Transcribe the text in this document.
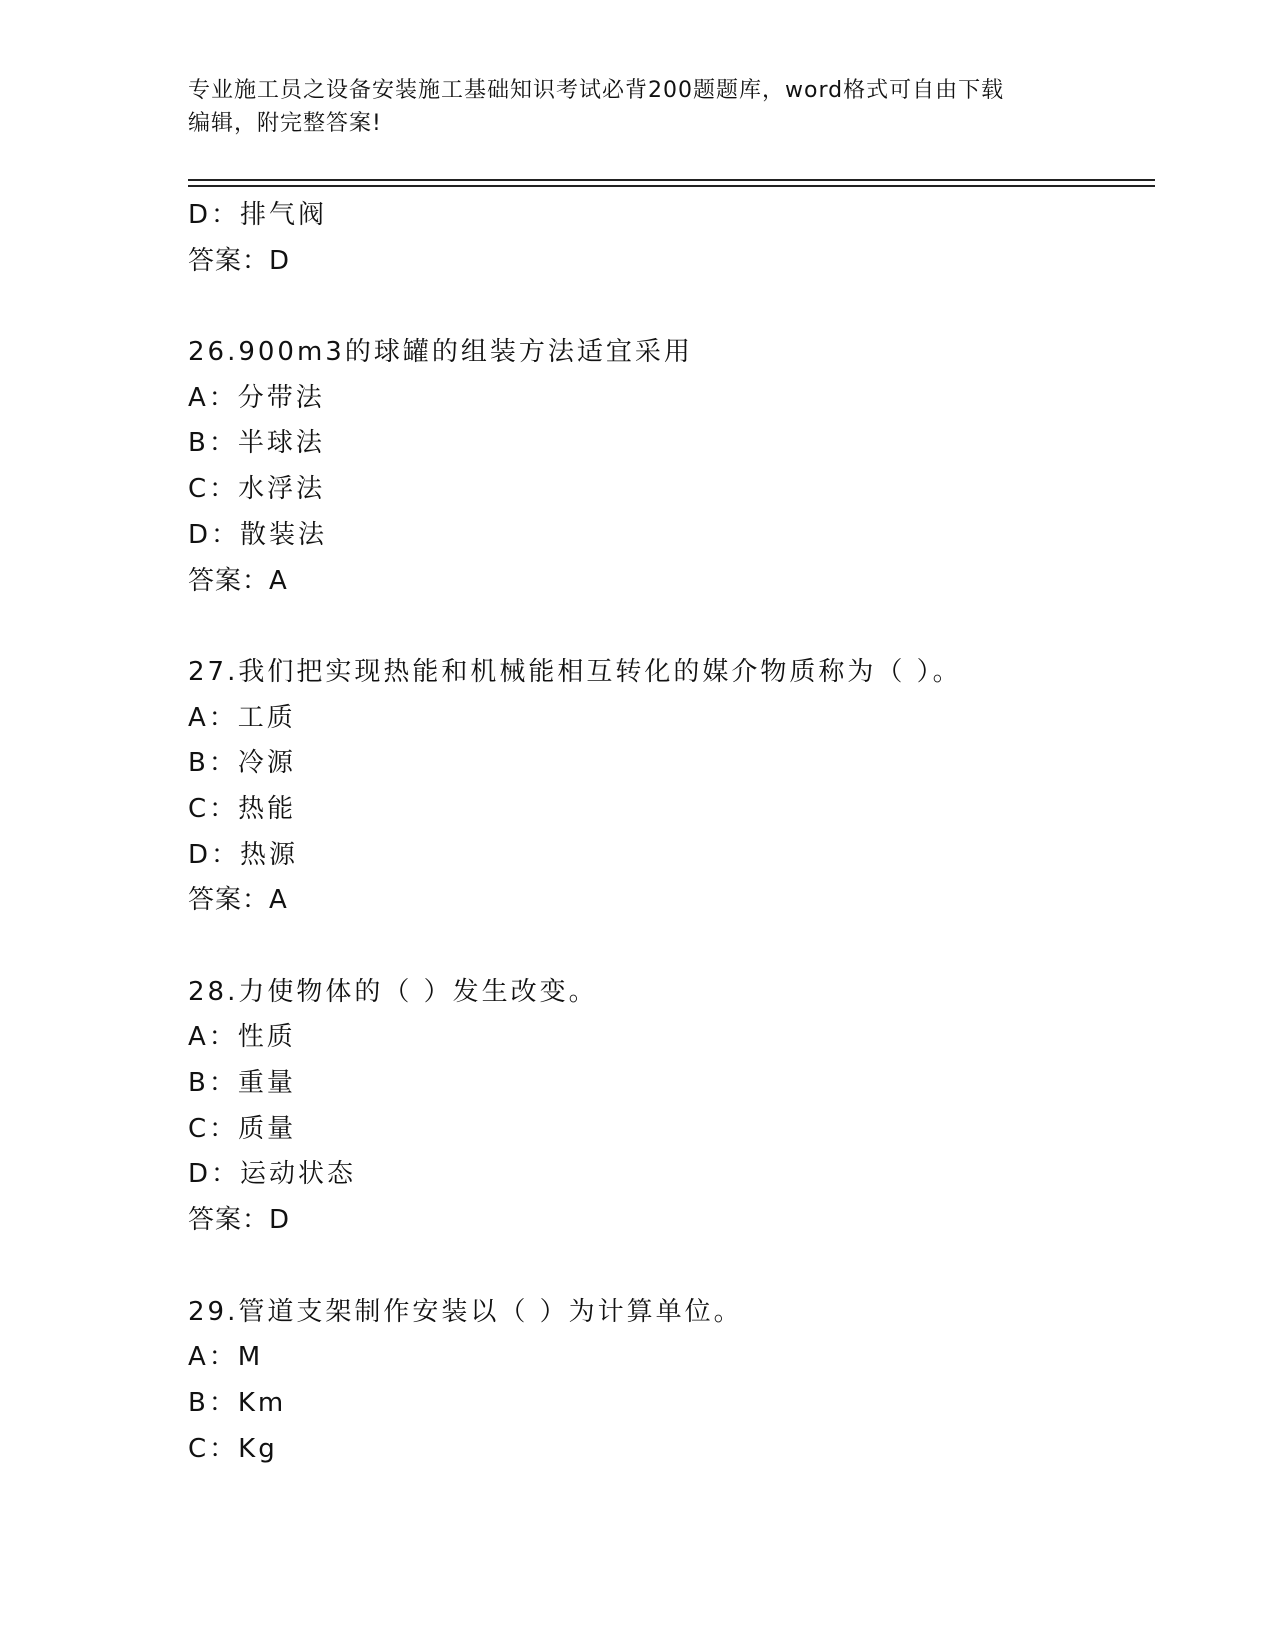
专业施工员之设备安装施工基础知识考试必背200题题库，word格式可自由下载
编辑，附完整答案!
D：排气阀
答案：D
26.900m3的球罐的组装方法适宜采用
A：分带法
B：半球法
C：水浮法
D：散装法
答案：A
27.我们把实现热能和机械能相互转化的媒介物质称为（ ）。
A：工质
B：冷源
C：热能
D：热源
答案：A
28.力使物体的（ ）发生改变。
A：性质
B：重量
C：质量
D：运动状态
答案：D
29.管道支架制作安装以（ ）为计算单位。
A：M
B：Km
C：Kg
